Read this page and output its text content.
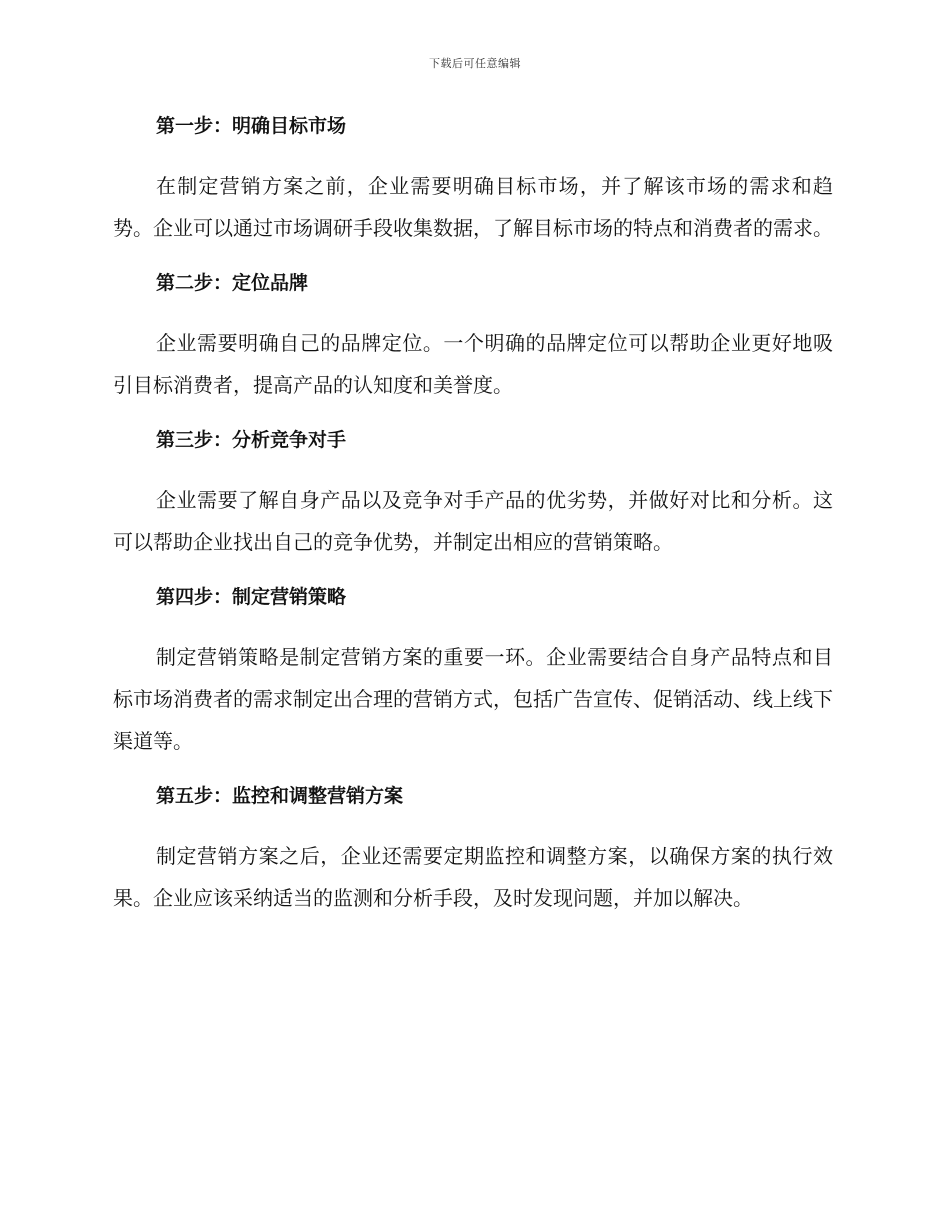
下载后可任意编辑

第一步：明确目标市场

在制定营销方案之前，企业需要明确目标市场，并了解该市场的需求和趋势。企业可以通过市场调研手段收集数据，了解目标市场的特点和消费者的需求。

第二步：定位品牌

企业需要明确自己的品牌定位。一个明确的品牌定位可以帮助企业更好地吸引目标消费者，提高产品的认知度和美誉度。

第三步：分析竞争对手

企业需要了解自身产品以及竞争对手产品的优劣势，并做好对比和分析。这可以帮助企业找出自己的竞争优势，并制定出相应的营销策略。

第四步：制定营销策略

制定营销策略是制定营销方案的重要一环。企业需要结合自身产品特点和目标市场消费者的需求制定出合理的营销方式，包括广告宣传、促销活动、线上线下渠道等。

第五步：监控和调整营销方案

制定营销方案之后，企业还需要定期监控和调整方案，以确保方案的执行效果。企业应该采纳适当的监测和分析手段，及时发现问题，并加以解决。
